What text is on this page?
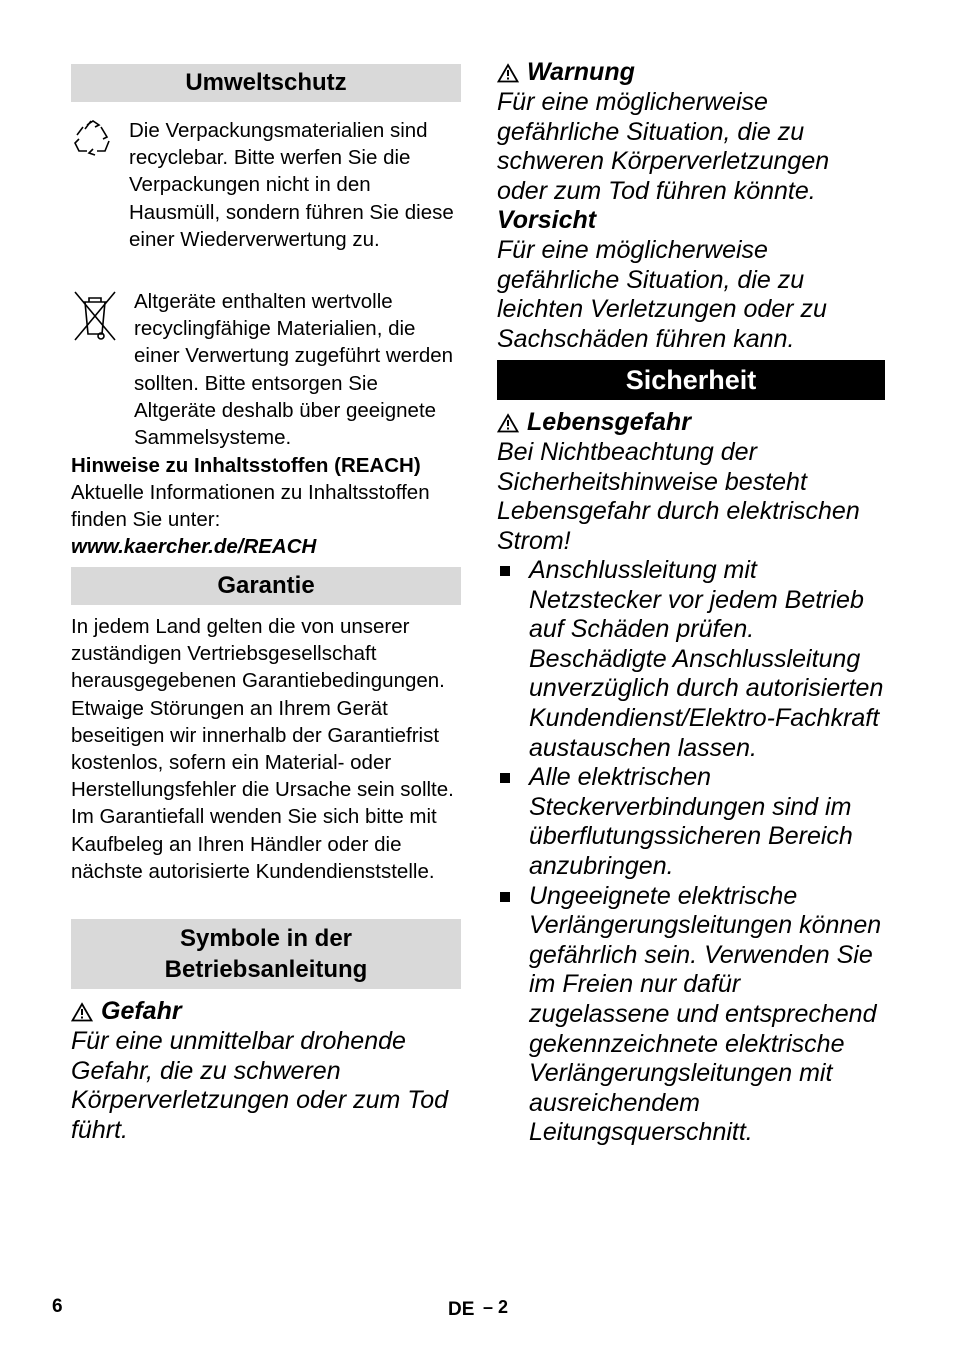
Umweltschutz
Die Verpackungsmaterialien sind recyclebar. Bitte werfen Sie die Verpackungen nicht in den Hausmüll, sondern führen Sie diese einer Wiederverwertung zu.
Altgeräte enthalten wertvolle recyclingfähige Materialien, die einer Verwertung zugeführt werden sollten. Bitte entsorgen Sie Altgeräte deshalb über geeignete Sammelsysteme.
Hinweise zu Inhaltsstoffen (REACH)
Aktuelle Informationen zu Inhaltsstoffen finden Sie unter:
www.kaercher.de/REACH
Garantie
In jedem Land gelten die von unserer zuständigen Vertriebsgesellschaft herausgegebenen Garantiebedingungen. Etwaige Störungen an Ihrem Gerät beseitigen wir innerhalb der Garantiefrist kostenlos, sofern ein Material- oder Herstellungsfehler die Ursache sein sollte. Im Garantiefall wenden Sie sich bitte mit Kaufbeleg an Ihren Händler oder die nächste autorisierte Kundendienststelle.
Symbole in der
Betriebsanleitung
Gefahr
Für eine unmittelbar drohende Gefahr, die zu schweren Körperverletzungen oder zum Tod führt.
Warnung
Für eine möglicherweise gefährliche Situation, die zu schweren Körperverletzungen oder zum Tod führen könnte.
Vorsicht
Für eine möglicherweise gefährliche Situation, die zu leichten Verletzungen oder zu Sachschäden führen kann.
Sicherheit
Lebensgefahr
Bei Nichtbeachtung der Sicherheitshinweise besteht Lebensgefahr durch elektrischen Strom!
Anschlussleitung mit Netzstecker vor jedem Betrieb auf Schäden prüfen. Beschädigte Anschlussleitung unverzüglich durch autorisierten Kundendienst/Elektro-Fachkraft austauschen lassen.
Alle elektrischen Steckerverbindungen sind im überflutungssicheren Bereich anzubringen.
Ungeeignete elektrische Verlängerungsleitungen können gefährlich sein. Verwenden Sie im Freien nur dafür zugelassene und entsprechend gekennzeichnete elektrische Verlängerungsleitungen mit ausreichendem Leitungsquerschnitt.
6	DE – 2
